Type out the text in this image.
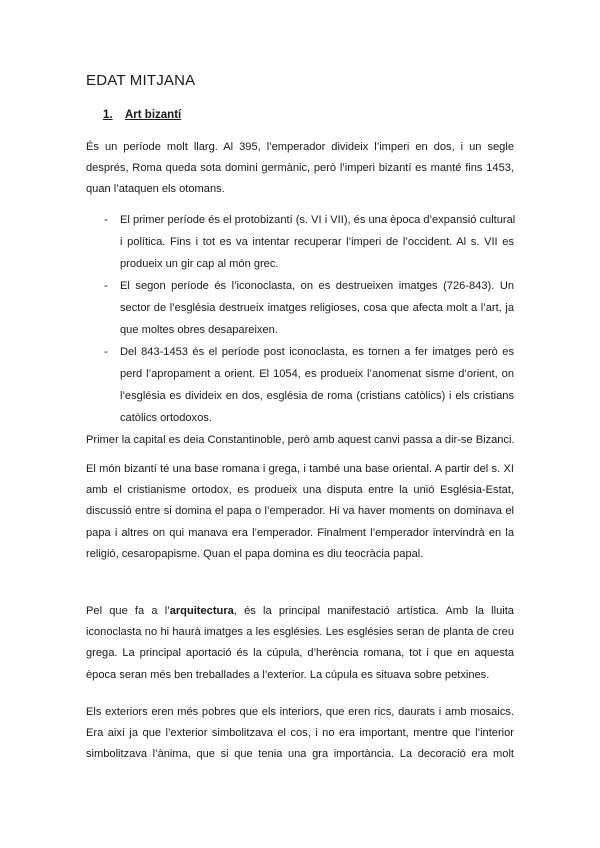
EDAT MITJANA
1. Art bizantí

És un període molt llarg. Al 395, l’emperador divideix l’imperi en dos, i un segle
després, Roma queda sota domini germànic, però l’imperi bizantí es manté fins 1453,
quan l’ataquen els otomans.

- El primer període és el protobizantí (s. VI i VII), és una època d’expansió cultural
i política. Fins i tot es va intentar recuperar l’imperi de l’occident. Al s. VII es
produeix un gir cap al món grec.
- El segon període és l’iconoclasta, on es destrueixen imatges (726-843). Un
sector de l’església destrueix imatges religioses, cosa que afecta molt a l’art, ja
que moltes obres desapareixen.
- Del 843-1453 és el període post iconoclasta, es tornen a fer imatges però es
perd l’apropament a orient. El 1054, es produeix l’anomenat sisme d’orient, on
l’església es divideix en dos, església de roma (cristians catòlics) i els cristians
catòlics ortodoxos.

Primer la capital es deia Constantinoble, però amb aquest canvi passa a dir-se Bizanci.

El món bizantí té una base romana i grega, i també una base oriental. A partir del s. XI
amb el cristianisme ortodox, es produeix una disputa entre la unió Església-Estat,
discussió entre si domina el papa o l’emperador. Hi va haver moments on dominava el
papa i altres on qui manava era l’emperador. Finalment l’emperador intervindrà en la
religió, cesaropapisme. Quan el papa domina es diu teocràcia papal.

Pel que fa a l’arquitectura, és la principal manifestació artística. Amb la lluita
iconoclasta no hi haurà imatges a les esglésies. Les esglésies seran de planta de creu
grega. La principal aportació és la cúpula, d’herència romana, tot i que en aquesta
època seran més ben treballades a l’exterior. La cúpula es situava sobre petxines.

Els exteriors eren més pobres que els interiors, que eren rics, daurats i amb mosaics.
Era així ja que l’exterior simbolitzava el cos, i no era important, mentre que l’interior
simbolitzava l’ànima, que si que tenia una gra importància. La decoració era molt
